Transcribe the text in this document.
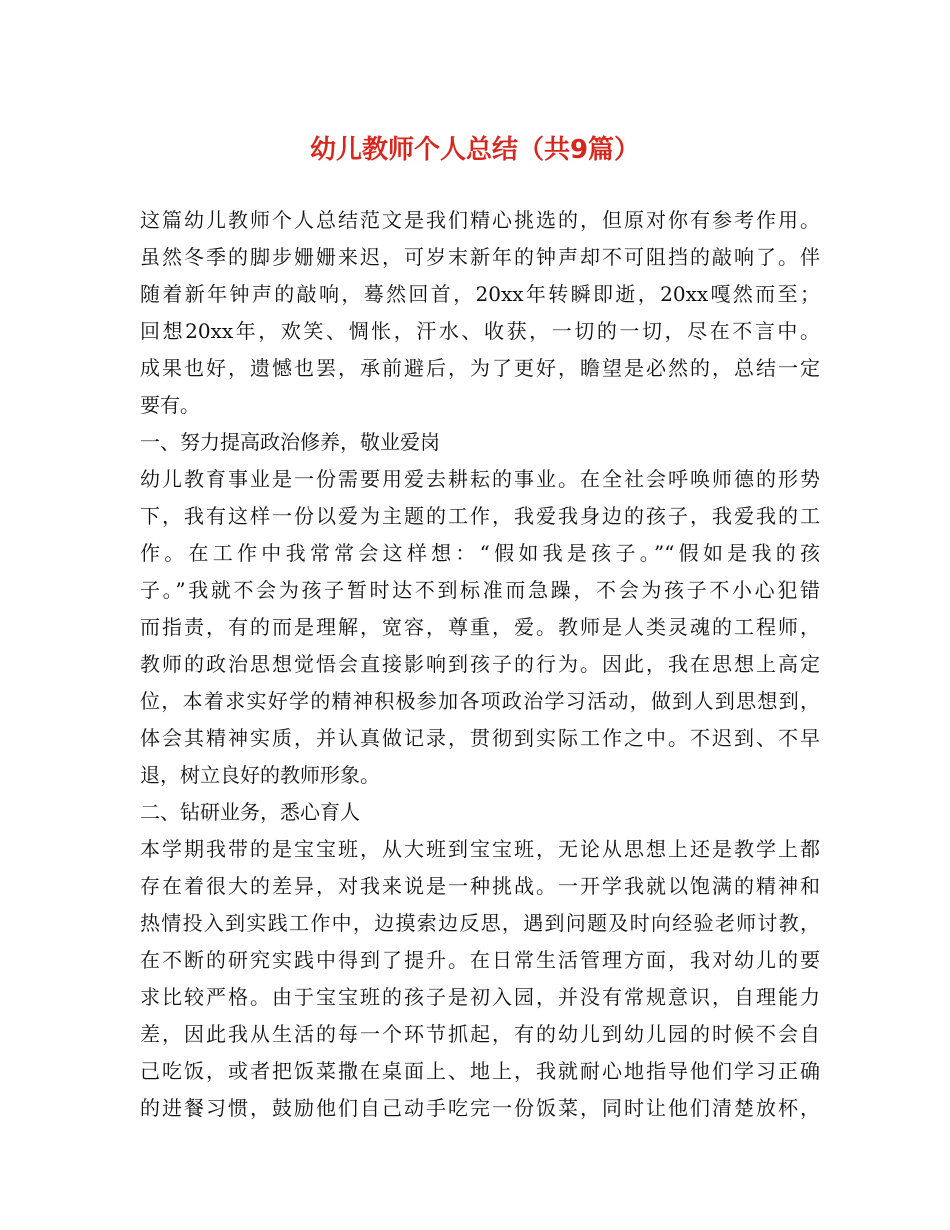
幼儿教师个人总结（共9篇）
这篇幼儿教师个人总结范文是我们精心挑选的，但原对你有参考作用。
虽然冬季的脚步姗姗来迟，可岁末新年的钟声却不可阻挡的敲响了。伴
随着新年钟声的敲响，蓦然回首，20xx年转瞬即逝，20xx嘎然而至；
回想20xx年，欢笑、惆怅，汗水、收获，一切的一切，尽在不言中。
成果也好，遗憾也罢，承前避后，为了更好，瞻望是必然的，总结一定
要有。
一、努力提高政治修养，敬业爱岗
幼儿教育事业是一份需要用爱去耕耘的事业。在全社会呼唤师德的形势
下，我有这样一份以爱为主题的工作，我爱我身边的孩子，我爱我的工
作。在工作中我常常会这样想：“假如我是孩子。”“假如是我的孩
子。”我就不会为孩子暂时达不到标准而急躁，不会为孩子不小心犯错
而指责，有的而是理解，宽容，尊重，爱。教师是人类灵魂的工程师，
教师的政治思想觉悟会直接影响到孩子的行为。因此，我在思想上高定
位，本着求实好学的精神积极参加各项政治学习活动，做到人到思想到，
体会其精神实质，并认真做记录，贯彻到实际工作之中。不迟到、不早
退，树立良好的教师形象。
二、钻研业务，悉心育人
本学期我带的是宝宝班，从大班到宝宝班，无论从思想上还是教学上都
存在着很大的差异，对我来说是一种挑战。一开学我就以饱满的精神和
热情投入到实践工作中，边摸索边反思，遇到问题及时向经验老师讨教，
在不断的研究实践中得到了提升。在日常生活管理方面，我对幼儿的要
求比较严格。由于宝宝班的孩子是初入园，并没有常规意识，自理能力
差，因此我从生活的每一个环节抓起，有的幼儿到幼儿园的时候不会自
己吃饭，或者把饭菜撒在桌面上、地上，我就耐心地指导他们学习正确
的进餐习惯，鼓励他们自己动手吃完一份饭菜，同时让他们清楚放杯，
